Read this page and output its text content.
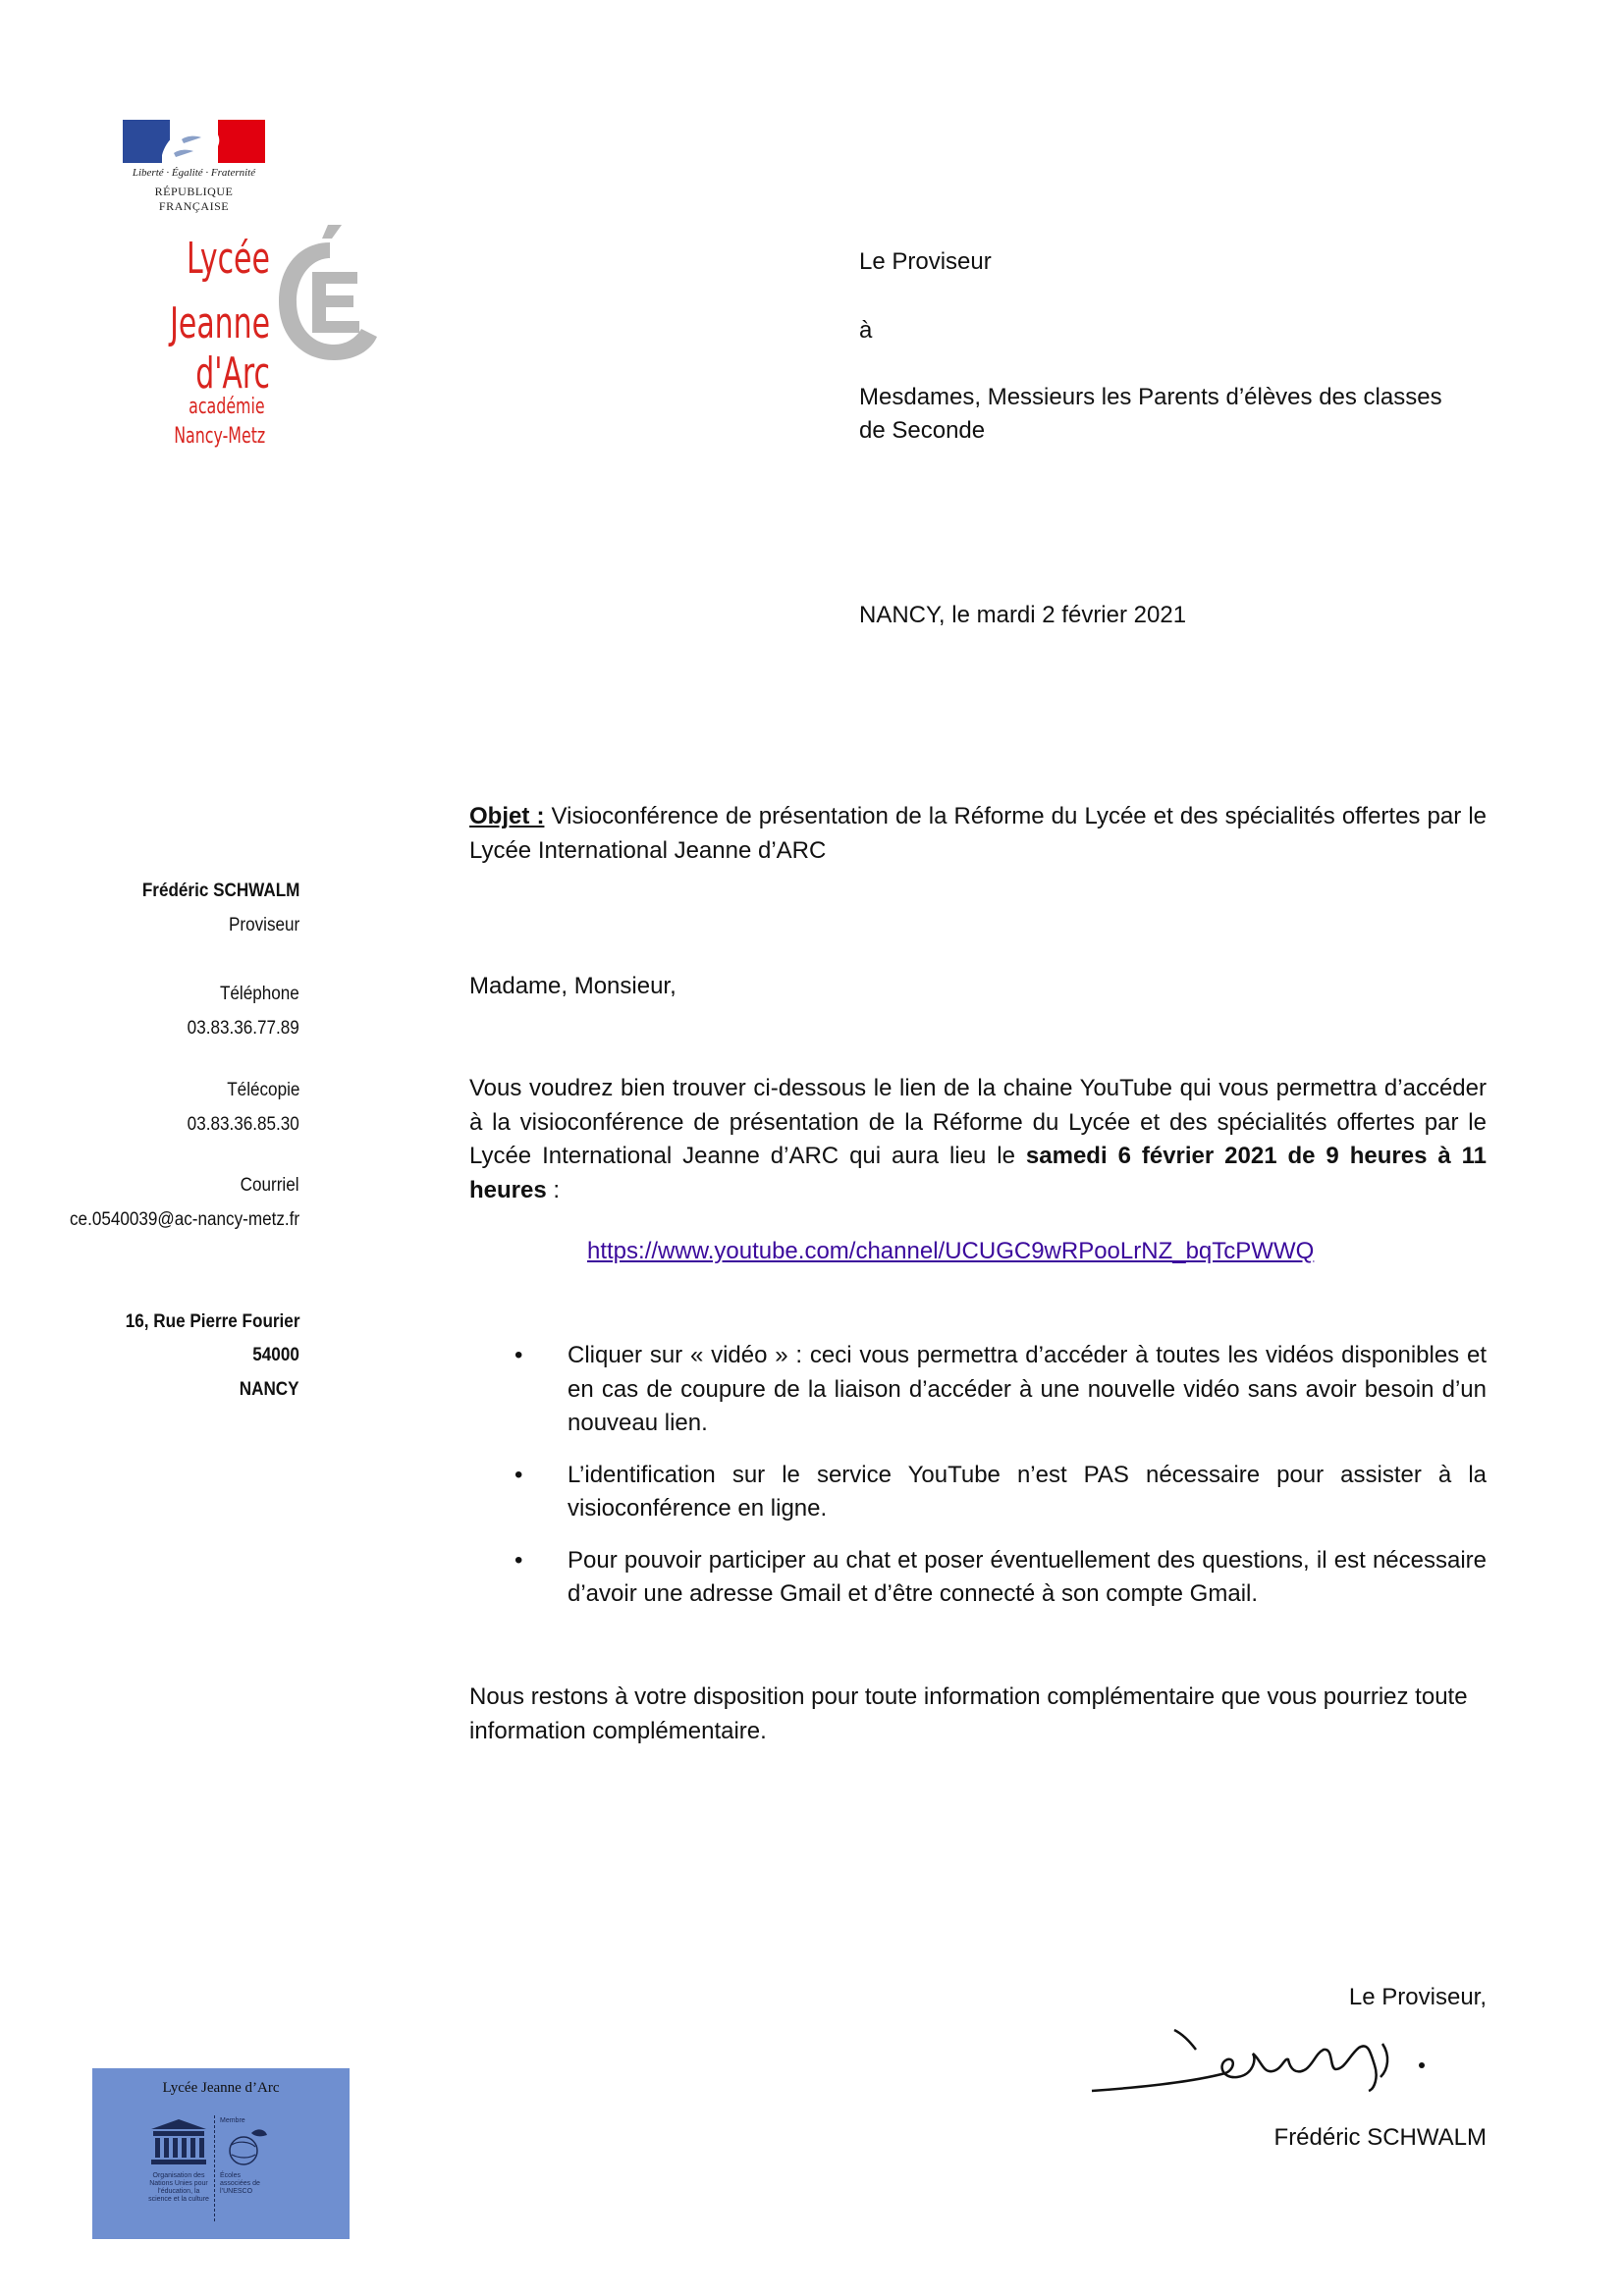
Liberté · Égalité · Fraternité
RÉPUBLIQUE FRANÇAISE
Lycée
Jeanne d'Arc
académie
Nancy-Metz
Le Proviseur
à
Mesdames, Messieurs les Parents d’élèves des classes
de Seconde
NANCY, le mardi 2 février 2021
Frédéric SCHWALM
Proviseur
Téléphone
03.83.36.77.89
Télécopie
03.83.36.85.30
Courriel
ce.0540039@ac-nancy-metz.fr
16, Rue Pierre Fourier
54000
NANCY
Objet : Visioconférence de présentation de la Réforme du Lycée et des spécialités offertes par le Lycée International Jeanne d’ARC
Madame, Monsieur,
Vous voudrez bien trouver ci-dessous le lien de la chaine YouTube qui vous permettra d’accéder à la visioconférence de présentation de la Réforme du Lycée et des spécialités offertes par le Lycée International Jeanne d’ARC qui aura lieu le samedi 6 février 2021 de 9 heures à 11 heures :
https://www.youtube.com/channel/UCUGC9wRPooLrNZ_bqTcPWWQ
• Cliquer sur « vidéo » : ceci vous permettra d’accéder à toutes les vidéos disponibles et en cas de coupure de la liaison d’accéder à une nouvelle vidéo sans avoir besoin d’un nouveau lien.
• L’identification sur le service YouTube n’est PAS nécessaire pour assister à la visioconférence en ligne.
• Pour pouvoir participer au chat et poser éventuellement des questions, il est nécessaire d’avoir une adresse Gmail et d’être connecté à son compte Gmail.
Nous restons à votre disposition pour toute information complémentaire que vous pourriez toute information complémentaire.
Le Proviseur,
Frédéric SCHWALM
Lycée Jeanne d’Arc
Membre
Organisation des Nations Unies pour l’éducation, la science et la culture
Écoles associées de l’UNESCO
